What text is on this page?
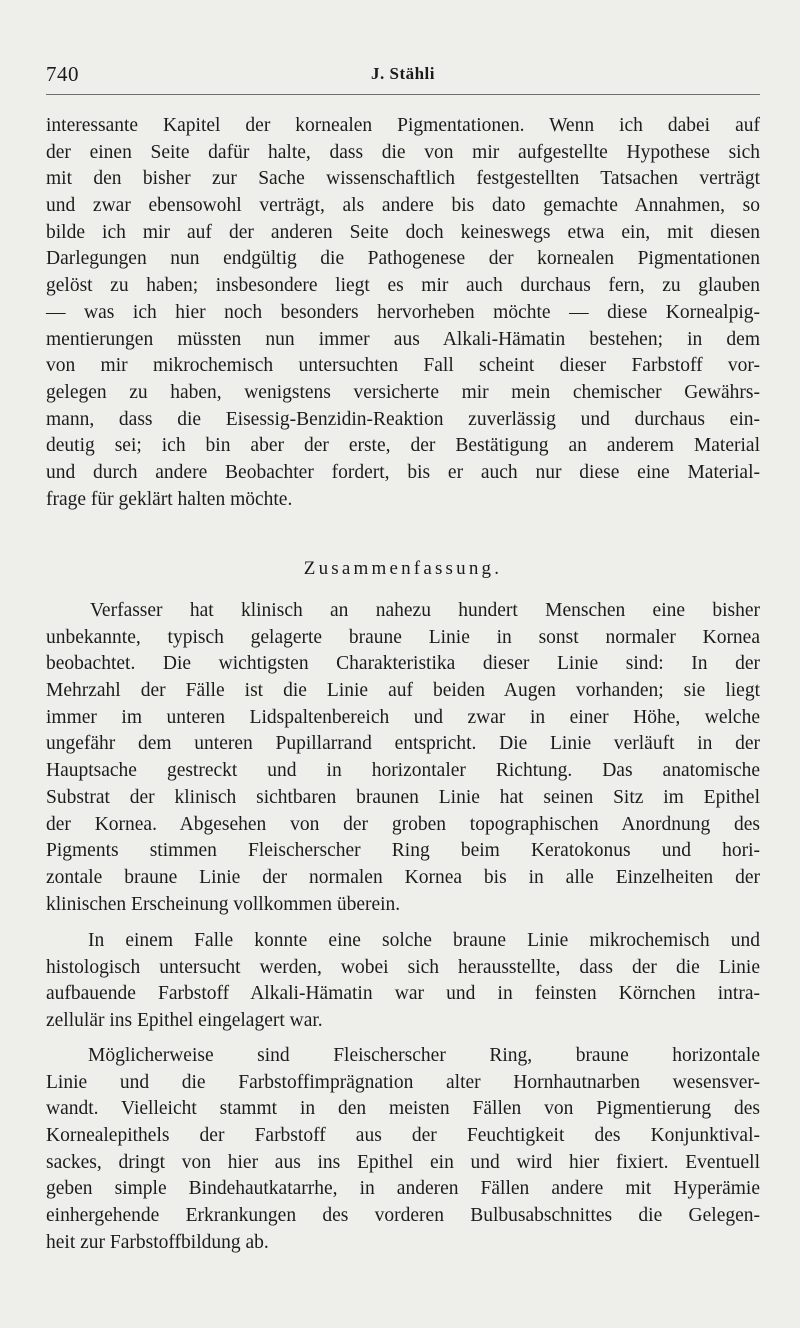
740	J. Stähli
interessante Kapitel der kornealen Pigmentationen. Wenn ich dabei auf
der einen Seite dafür halte, dass die von mir aufgestellte Hypothese sich
mit den bisher zur Sache wissenschaftlich festgestellten Tatsachen verträgt
und zwar ebensowohl verträgt, als andere bis dato gemachte Annahmen, so
bilde ich mir auf der anderen Seite doch keineswegs etwa ein, mit diesen
Darlegungen nun endgültig die Pathogenese der kornealen Pigmentationen
gelöst zu haben; insbesondere liegt es mir auch durchaus fern, zu glauben
— was ich hier noch besonders hervorheben möchte — diese Kornealpig-
mentierungen müssten nun immer aus Alkali-Hämatin bestehen; in dem
von mir mikrochemisch untersuchten Fall scheint dieser Farbstoff vor-
gelegen zu haben, wenigstens versicherte mir mein chemischer Gewährs-
mann, dass die Eisessig-Benzidin-Reaktion zuverlässig und durchaus ein-
deutig sei; ich bin aber der erste, der Bestätigung an anderem Material
und durch andere Beobachter fordert, bis er auch nur diese eine Material-
frage für geklärt halten möchte.
Zusammenfassung.
Verfasser hat klinisch an nahezu hundert Menschen eine bisher
unbekannte, typisch gelagerte braune Linie in sonst normaler Kornea
beobachtet. Die wichtigsten Charakteristika dieser Linie sind: In der
Mehrzahl der Fälle ist die Linie auf beiden Augen vorhanden; sie liegt
immer im unteren Lidspaltenbereich und zwar in einer Höhe, welche
ungefähr dem unteren Pupillarrand entspricht. Die Linie verläuft in der
Hauptsache gestreckt und in horizontaler Richtung. Das anatomische
Substrat der klinisch sichtbaren braunen Linie hat seinen Sitz im Epithel
der Kornea. Abgesehen von der groben topographischen Anordnung des
Pigments stimmen Fleischerscher Ring beim Keratokonus und hori-
zontale braune Linie der normalen Kornea bis in alle Einzelheiten der
klinischen Erscheinung vollkommen überein.
In einem Falle konnte eine solche braune Linie mikrochemisch und
histologisch untersucht werden, wobei sich herausstellte, dass der die Linie
aufbauende Farbstoff Alkali-Hämatin war und in feinsten Körnchen intra-
zellulär ins Epithel eingelagert war.
Möglicherweise sind Fleischerscher Ring, braune horizontale
Linie und die Farbstoffimprägnation alter Hornhautnarben wesensver-
wandt. Vielleicht stammt in den meisten Fällen von Pigmentierung des
Kornealepithels der Farbstoff aus der Feuchtigkeit des Konjunktival-
sackes, dringt von hier aus ins Epithel ein und wird hier fixiert. Eventuell
geben simple Bindehautkatarrhe, in anderen Fällen andere mit Hyperämie
einhergehende Erkrankungen des vorderen Bulbusabschnittes die Gelegen-
heit zur Farbstoffbildung ab.
